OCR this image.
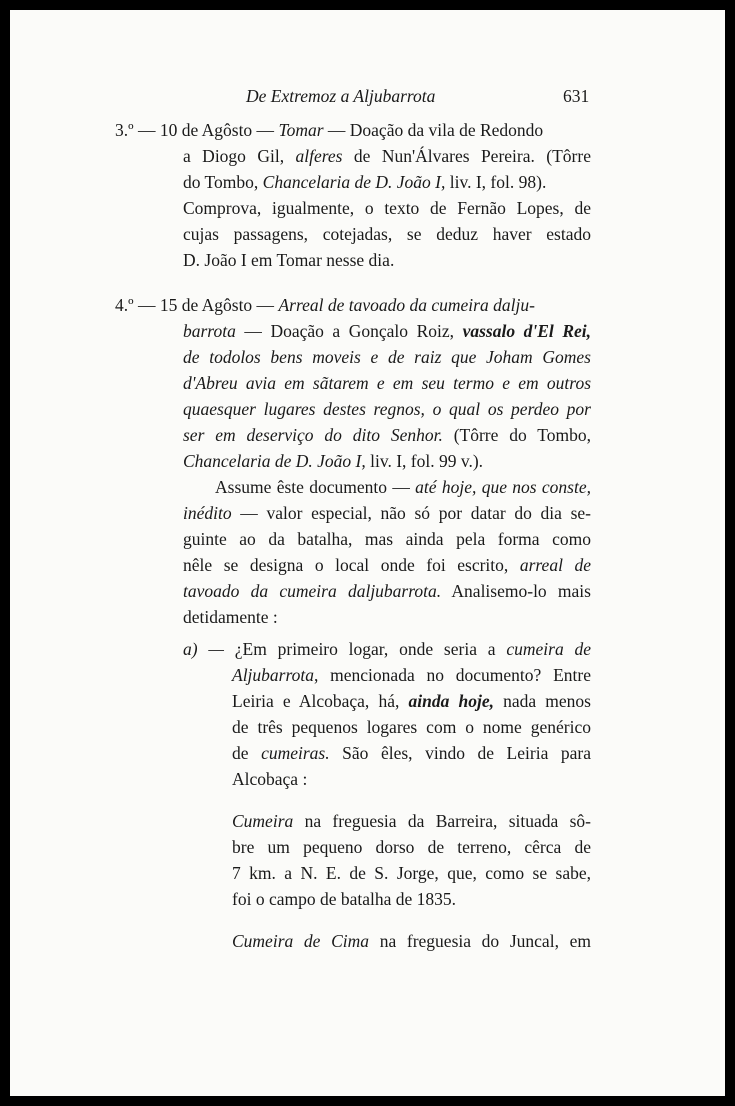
De Extremoz a Aljubarrota	631
3.º — 10 de Agôsto — Tomar — Doação da vila de Redondo
a Diogo Gil, alferes de Nun'Álvares Pereira. (Tôrre
do Tombo, Chancelaria de D. João I, liv. I, fol. 98).
Comprova, igualmente, o texto de Fernão Lopes, de
cujas passagens, cotejadas, se deduz haver estado
D. João I em Tomar nesse dia.
4.º — 15 de Agôsto — Arreal de tavoado da cumeira dalju-
barrota — Doação a Gonçalo Roiz, vassalo d'El Rei,
de todolos bens moveis e de raiz que Joham Gomes
d'Abreu avia em sãtarem e em seu termo e em outros
quaesquer lugares destes regnos, o qual os perdeo por
ser em deserviço do dito Senhor. (Tôrre do Tombo,
Chancelaria de D. João I, liv. I, fol. 99 v.).
Assume êste documento — até hoje, que nos conste,
inédito — valor especial, não só por datar do dia se-
guinte ao da batalha, mas ainda pela forma como
nêle se designa o local onde foi escrito, arreal de
tavoado da cumeira daljubarrota. Analisemo-lo mais
detidamente :
a) — ¿Em primeiro logar, onde seria a cumeira de
Aljubarrota, mencionada no documento? Entre
Leiria e Alcobaça, há, ainda hoje, nada menos
de três pequenos logares com o nome genérico
de cumeiras. São êles, vindo de Leiria para
Alcobaça :
Cumeira na freguesia da Barreira, situada sô-
bre um pequeno dorso de terreno, cêrca de
7 km. a N. E. de S. Jorge, que, como se sabe,
foi o campo de batalha de 1835.
Cumeira de Cima na freguesia do Juncal, em
